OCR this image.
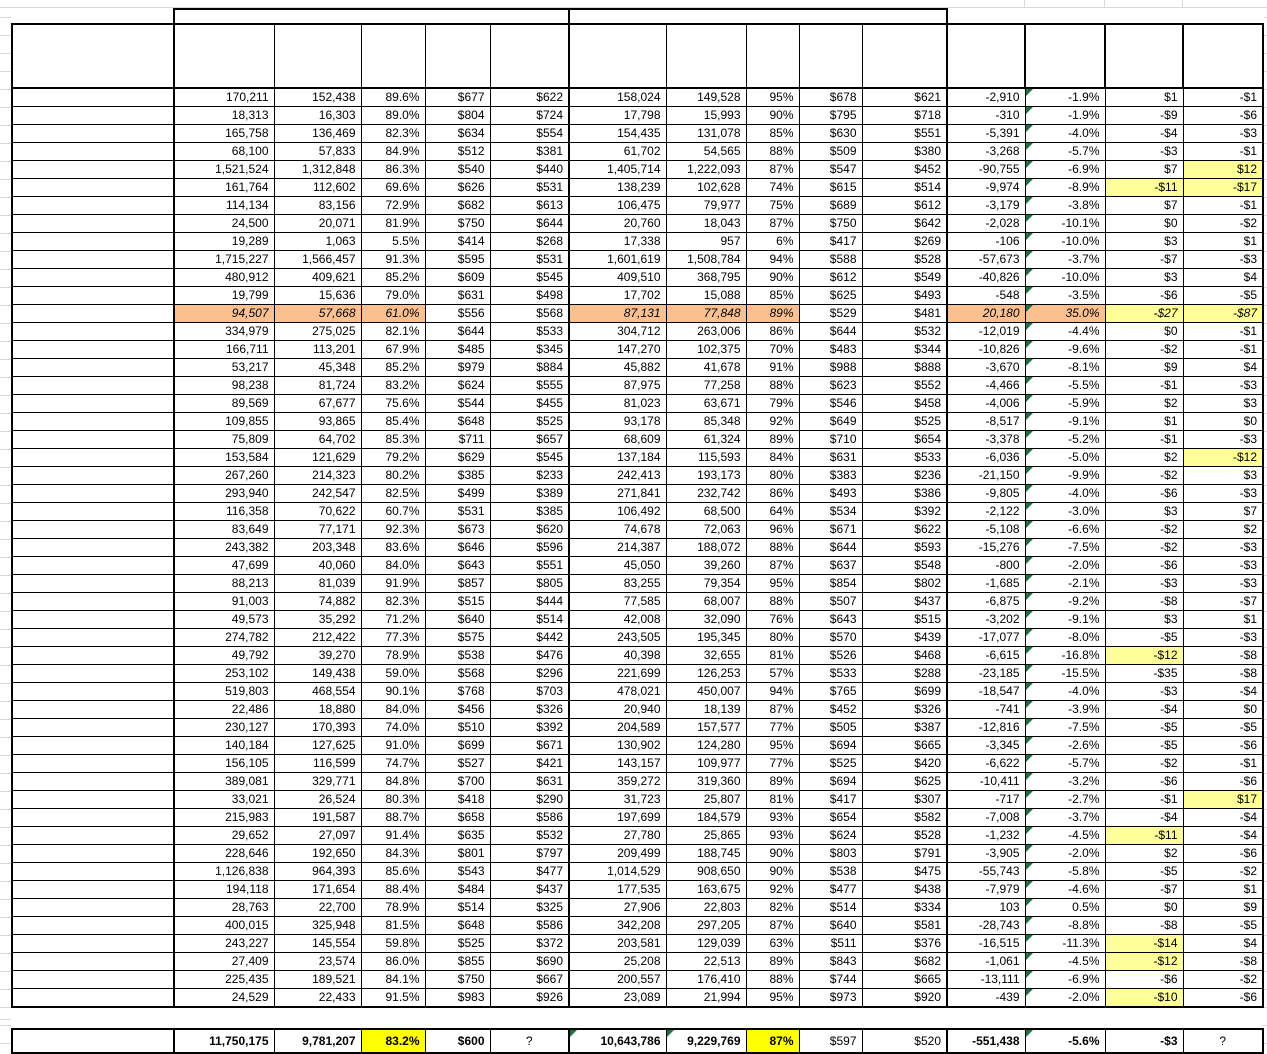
	170,211	152,438	89.6%	$677	$622	158,024	149,528	95%	$678	$621	-2,910	-1.9%	$1	-$1
	18,313	16,303	89.0%	$804	$724	17,798	15,993	90%	$795	$718	-310	-1.9%	-$9	-$6
	165,758	136,469	82.3%	$634	$554	154,435	131,078	85%	$630	$551	-5,391	-4.0%	-$4	-$3
	68,100	57,833	84.9%	$512	$381	61,702	54,565	88%	$509	$380	-3,268	-5.7%	-$3	-$1
	1,521,524	1,312,848	86.3%	$540	$440	1,405,714	1,222,093	87%	$547	$452	-90,755	-6.9%	$7	$12
	161,764	112,602	69.6%	$626	$531	138,239	102,628	74%	$615	$514	-9,974	-8.9%	-$11	-$17
	114,134	83,156	72.9%	$682	$613	106,475	79,977	75%	$689	$612	-3,179	-3.8%	$7	-$1
	24,500	20,071	81.9%	$750	$644	20,760	18,043	87%	$750	$642	-2,028	-10.1%	$0	-$2
	19,289	1,063	5.5%	$414	$268	17,338	957	6%	$417	$269	-106	-10.0%	$3	$1
	1,715,227	1,566,457	91.3%	$595	$531	1,601,619	1,508,784	94%	$588	$528	-57,673	-3.7%	-$7	-$3
	480,912	409,621	85.2%	$609	$545	409,510	368,795	90%	$612	$549	-40,826	-10.0%	$3	$4
	19,799	15,636	79.0%	$631	$498	17,702	15,088	85%	$625	$493	-548	-3.5%	-$6	-$5
	94,507	57,668	61.0%	$556	$568	87,131	77,848	89%	$529	$481	20,180	35.0%	-$27	-$87
	334,979	275,025	82.1%	$644	$533	304,712	263,006	86%	$644	$532	-12,019	-4.4%	$0	-$1
	166,711	113,201	67.9%	$485	$345	147,270	102,375	70%	$483	$344	-10,826	-9.6%	-$2	-$1
	53,217	45,348	85.2%	$979	$884	45,882	41,678	91%	$988	$888	-3,670	-8.1%	$9	$4
	98,238	81,724	83.2%	$624	$555	87,975	77,258	88%	$623	$552	-4,466	-5.5%	-$1	-$3
	89,569	67,677	75.6%	$544	$455	81,023	63,671	79%	$546	$458	-4,006	-5.9%	$2	$3
	109,855	93,865	85.4%	$648	$525	93,178	85,348	92%	$649	$525	-8,517	-9.1%	$1	$0
	75,809	64,702	85.3%	$711	$657	68,609	61,324	89%	$710	$654	-3,378	-5.2%	-$1	-$3
	153,584	121,629	79.2%	$629	$545	137,184	115,593	84%	$631	$533	-6,036	-5.0%	$2	-$12
	267,260	214,323	80.2%	$385	$233	242,413	193,173	80%	$383	$236	-21,150	-9.9%	-$2	$3
	293,940	242,547	82.5%	$499	$389	271,841	232,742	86%	$493	$386	-9,805	-4.0%	-$6	-$3
	116,358	70,622	60.7%	$531	$385	106,492	68,500	64%	$534	$392	-2,122	-3.0%	$3	$7
	83,649	77,171	92.3%	$673	$620	74,678	72,063	96%	$671	$622	-5,108	-6.6%	-$2	$2
	243,382	203,348	83.6%	$646	$596	214,387	188,072	88%	$644	$593	-15,276	-7.5%	-$2	-$3
	47,699	40,060	84.0%	$643	$551	45,050	39,260	87%	$637	$548	-800	-2.0%	-$6	-$3
	88,213	81,039	91.9%	$857	$805	83,255	79,354	95%	$854	$802	-1,685	-2.1%	-$3	-$3
	91,003	74,882	82.3%	$515	$444	77,585	68,007	88%	$507	$437	-6,875	-9.2%	-$8	-$7
	49,573	35,292	71.2%	$640	$514	42,008	32,090	76%	$643	$515	-3,202	-9.1%	$3	$1
	274,782	212,422	77.3%	$575	$442	243,505	195,345	80%	$570	$439	-17,077	-8.0%	-$5	-$3
	49,792	39,270	78.9%	$538	$476	40,398	32,655	81%	$526	$468	-6,615	-16.8%	-$12	-$8
	253,102	149,438	59.0%	$568	$296	221,699	126,253	57%	$533	$288	-23,185	-15.5%	-$35	-$8
	519,803	468,554	90.1%	$768	$703	478,021	450,007	94%	$765	$699	-18,547	-4.0%	-$3	-$4
	22,486	18,880	84.0%	$456	$326	20,940	18,139	87%	$452	$326	-741	-3.9%	-$4	$0
	230,127	170,393	74.0%	$510	$392	204,589	157,577	77%	$505	$387	-12,816	-7.5%	-$5	-$5
	140,184	127,625	91.0%	$699	$671	130,902	124,280	95%	$694	$665	-3,345	-2.6%	-$5	-$6
	156,105	116,599	74.7%	$527	$421	143,157	109,977	77%	$525	$420	-6,622	-5.7%	-$2	-$1
	389,081	329,771	84.8%	$700	$631	359,272	319,360	89%	$694	$625	-10,411	-3.2%	-$6	-$6
	33,021	26,524	80.3%	$418	$290	31,723	25,807	81%	$417	$307	-717	-2.7%	-$1	$17
	215,983	191,587	88.7%	$658	$586	197,699	184,579	93%	$654	$582	-7,008	-3.7%	-$4	-$4
	29,652	27,097	91.4%	$635	$532	27,780	25,865	93%	$624	$528	-1,232	-4.5%	-$11	-$4
	228,646	192,650	84.3%	$801	$797	209,499	188,745	90%	$803	$791	-3,905	-2.0%	$2	-$6
	1,126,838	964,393	85.6%	$543	$477	1,014,529	908,650	90%	$538	$475	-55,743	-5.8%	-$5	-$2
	194,118	171,654	88.4%	$484	$437	177,535	163,675	92%	$477	$438	-7,979	-4.6%	-$7	$1
	28,763	22,700	78.9%	$514	$325	27,906	22,803	82%	$514	$334	103	0.5%	$0	$9
	400,015	325,948	81.5%	$648	$586	342,208	297,205	87%	$640	$581	-28,743	-8.8%	-$8	-$5
	243,227	145,554	59.8%	$525	$372	203,581	129,039	63%	$511	$376	-16,515	-11.3%	-$14	$4
	27,409	23,574	86.0%	$855	$690	25,208	22,513	89%	$843	$682	-1,061	-4.5%	-$12	-$8
	225,435	189,521	84.1%	$750	$667	200,557	176,410	88%	$744	$665	-13,111	-6.9%	-$6	-$2
	24,529	22,433	91.5%	$983	$926	23,089	21,994	95%	$973	$920	-439	-2.0%	-$10	-$6
	11,750,175	9,781,207	83.2%	$600	?	10,643,786	9,229,769	87%	$597	$520	-551,438	-5.6%	-$3	?
